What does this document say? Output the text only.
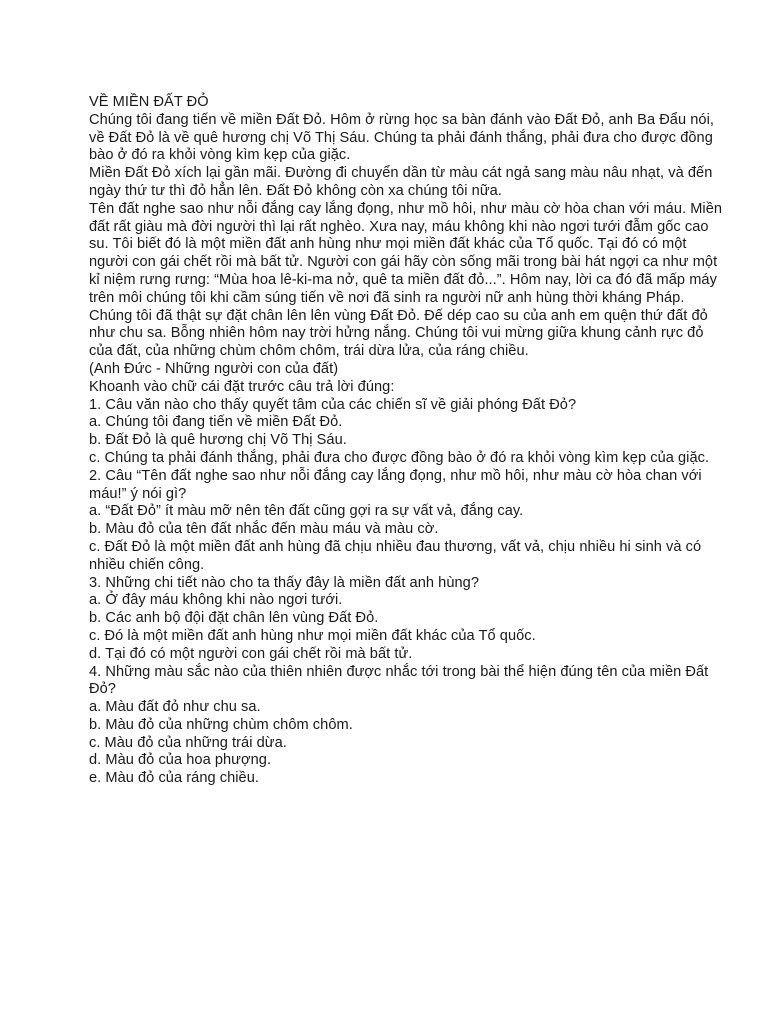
VỀ MIỀN ĐẤT ĐỎ

Chúng tôi đang tiến về miền Đất Đỏ. Hôm ở rừng học sa bàn đánh vào Đất Đỏ, anh Ba Đẩu nói, về Đất Đỏ là về quê hương chị Võ Thị Sáu. Chúng ta phải đánh thắng, phải đưa cho được đồng bào ở đó ra khỏi vòng kìm kẹp của giặc.

Miền Đất Đỏ xích lại gần mãi. Đường đi chuyển dần từ màu cát ngả sang màu nâu nhạt, và đến ngày thứ tư thì đỏ hẳn lên. Đất Đỏ không còn xa chúng tôi nữa.

Tên đất nghe sao như nỗi đắng cay lắng đọng, như mồ hôi, như màu cờ hòa chan với máu. Miền đất rất giàu mà đời người thì lại rất nghèo. Xưa nay, máu không khi nào ngơi tưới đẫm gốc cao su. Tôi biết đó là một miền đất anh hùng như mọi miền đất khác của Tổ quốc. Tại đó có một người con gái chết rồi mà bất tử. Người con gái hãy còn sống mãi trong bài hát ngợi ca như một kỉ niệm rưng rưng: “Mùa hoa lê-ki-ma nở, quê ta miền đất đỏ...”. Hôm nay, lời ca đó đã mấp máy trên môi chúng tôi khi cầm súng tiến về nơi đã sinh ra người nữ anh hùng thời kháng Pháp.

Chúng tôi đã thật sự đặt chân lên lên vùng Đất Đỏ. Đế dép cao su của anh em quện thứ đất đỏ như chu sa. Bỗng nhiên hôm nay trời hửng nắng. Chúng tôi vui mừng giữa khung cảnh rực đỏ của đất, của những chùm chôm chôm, trái dừa lửa, của ráng chiều.

(Anh Đức - Những người con của đất)

Khoanh vào chữ cái đặt trước câu trả lời đúng:

1. Câu văn nào cho thấy quyết tâm của các chiến sĩ về giải phóng Đất Đỏ?

a. Chúng tôi đang tiến về miền Đất Đỏ.

b. Đất Đỏ là quê hương chị Võ Thị Sáu.

c. Chúng ta phải đánh thắng, phải đưa cho được đồng bào ở đó ra khỏi vòng kìm kẹp của giặc.

2. Câu “Tên đất nghe sao như nỗi đắng cay lắng đọng, như mồ hôi, như màu cờ hòa chan với máu!” ý nói gì?

a. “Đất Đỏ” ít màu mỡ nên tên đất cũng gợi ra sự vất vả, đắng cay.

b. Màu đỏ của tên đất nhắc đến màu máu và màu cờ.

c. Đất Đỏ là một miền đất anh hùng đã chịu nhiều đau thương, vất vả, chịu nhiều hi sinh và có nhiều chiến công.

3. Những chi tiết nào cho ta thấy đây là miền đất anh hùng?

a. Ở đây máu không khi nào ngơi tưới.

b. Các anh bộ đội đặt chân lên vùng Đất Đỏ.

c. Đó là một miền đất anh hùng như mọi miền đất khác của Tổ quốc.

d. Tại đó có một người con gái chết rồi mà bất tử.

4. Những màu sắc nào của thiên nhiên được nhắc tới trong bài thể hiện đúng tên của miền Đất Đỏ?

a. Màu đất đỏ như chu sa.

b. Màu đỏ của những chùm chôm chôm.

c. Màu đỏ của những trái dừa.

d. Màu đỏ của hoa phượng.

e. Màu đỏ của ráng chiều.
